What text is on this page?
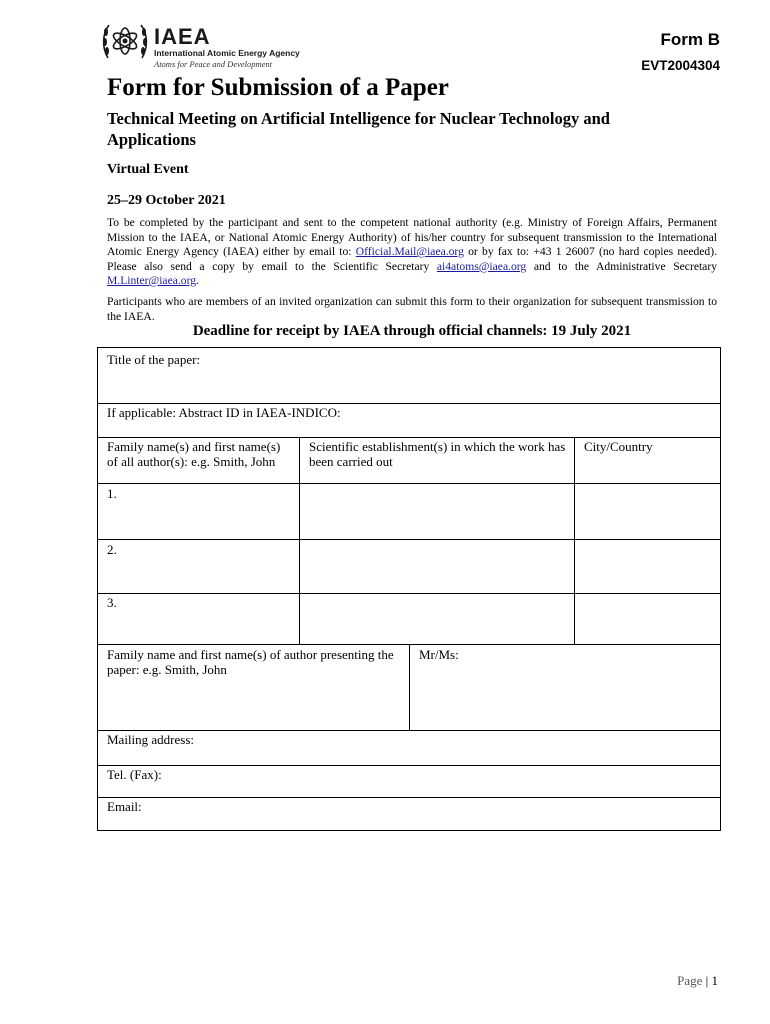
IAEA
International Atomic Energy Agency
Atoms for Peace and Development
Form B
EVT2004304
Form for Submission of a Paper
Technical Meeting on Artificial Intelligence for Nuclear Technology and Applications
Virtual Event
25–29 October 2021
To be completed by the participant and sent to the competent national authority (e.g. Ministry of Foreign Affairs, Permanent Mission to the IAEA, or National Atomic Energy Authority) of his/her country for subsequent transmission to the International Atomic Energy Agency (IAEA) either by email to: Official.Mail@iaea.org or by fax to: +43 1 26007 (no hard copies needed). Please also send a copy by email to the Scientific Secretary ai4atoms@iaea.org and to the Administrative Secretary M.Linter@iaea.org.
Participants who are members of an invited organization can submit this form to their organization for subsequent transmission to the IAEA.
Deadline for receipt by IAEA through official channels: 19 July 2021
Title of the paper:
If applicable: Abstract ID in IAEA-INDICO:
Family name(s) and first name(s) of all author(s): e.g. Smith, John
Scientific establishment(s) in which the work has been carried out
City/Country
1.
2.
3.
Family name and first name(s) of author presenting the paper: e.g. Smith, John
Mr/Ms:
Mailing address:
Tel. (Fax):
Email:
Page | 1
